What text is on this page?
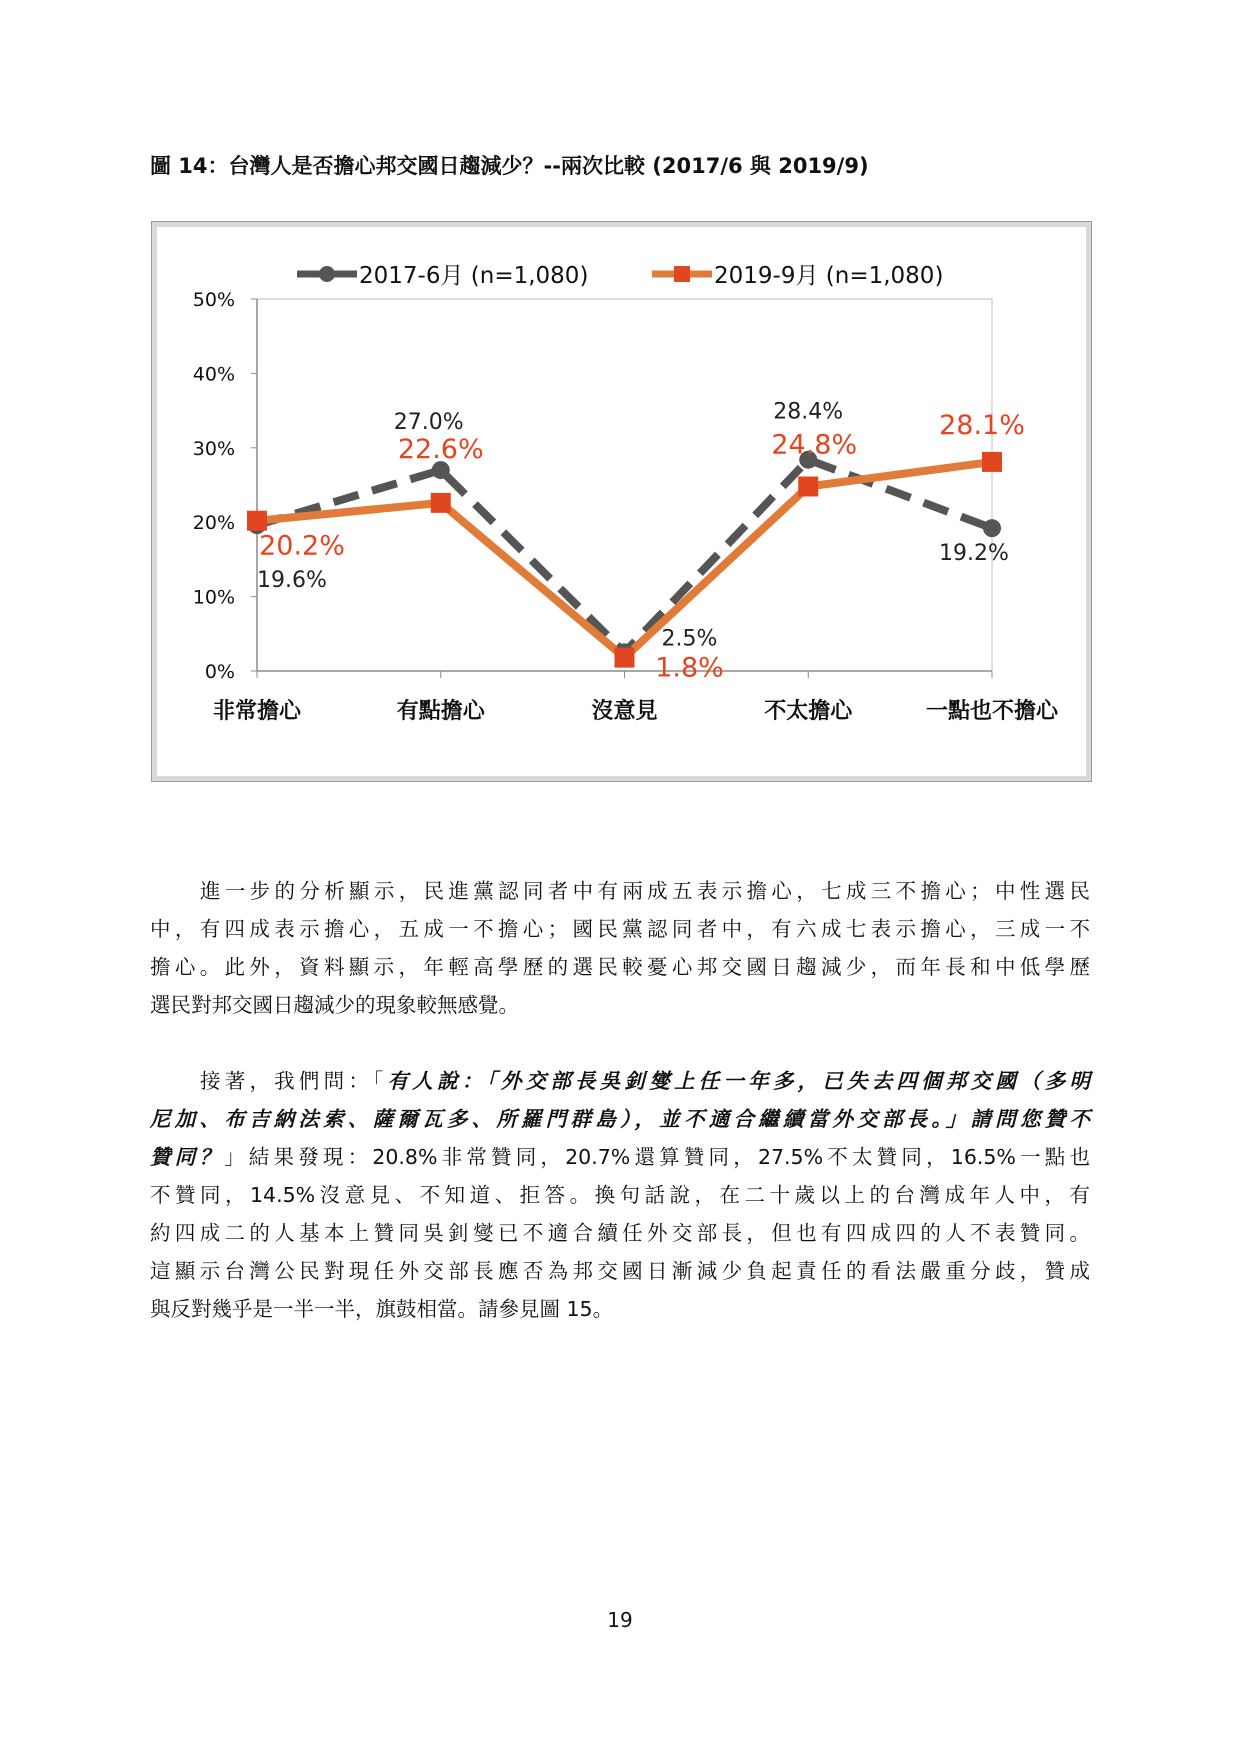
圖 14：台灣人是否擔心邦交國日趨減少？--兩次比較 (2017/6 與 2019/9)
0%
10%
20%
30%
40%
50%
非常擔心	有點擔心	沒意見	不太擔心	一點也不擔心
19.6%
27.0%
2.5%
28.4%
19.2%
20.2%
22.6%
1.8%
24.8%
28.1%
2017-6月 (n=1,080)	2019-9月 (n=1,080)
進一步的分析顯示，民進黨認同者中有兩成五表示擔心，七成三不擔心；中性選民
中，有四成表示擔心，五成一不擔心；國民黨認同者中，有六成七表示擔心，三成一不
擔心。此外，資料顯示，年輕高學歷的選民較憂心邦交國日趨減少，而年長和中低學歷
選民對邦交國日趨減少的現象較無感覺。
接著，我們問：「有人說：「外交部長吳釗燮上任一年多，已失去四個邦交國（多明
尼加、布吉納法索、薩爾瓦多、所羅門群島），並不適合繼續當外交部長。」請問您贊不
贊同？」結果發現：20.8%非常贊同，20.7%還算贊同，27.5%不太贊同，16.5%一點也
不贊同，14.5%沒意見、不知道、拒答。換句話說，在二十歲以上的台灣成年人中，有
約四成二的人基本上贊同吳釗燮已不適合續任外交部長，但也有四成四的人不表贊同。
這顯示台灣公民對現任外交部長應否為邦交國日漸減少負起責任的看法嚴重分歧，贊成
與反對幾乎是一半一半，旗鼓相當。請參見圖 15。
19
